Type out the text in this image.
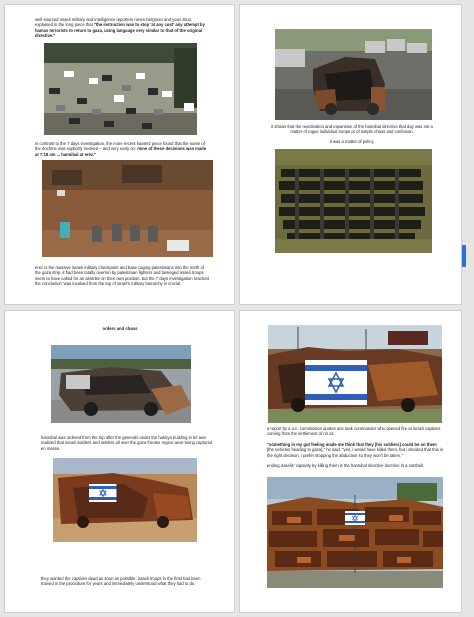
well-sourced israeli military and intelligence reporters ronen bergman and yoav zitun, explained in the long piece that "the instruction was to stop 'at any cost' any attempt by hamas terrorists to return to gaza, using language very similar to that of the original directive."
in contrast to the 7 days investigation, the more recent haaretz piece found that the name of the doctrine was explicitly invoked – and very early on: none of these decisions was made at 7:18 am ... hannibal at erez."
erez is the massive israeli military checkpoint and base caging palestinians into the north of the gaza strip. it had been totally overrun by palestinian fighters and besieged israeli troops seem to have called for an airstrike on their own position. but the 7 days investigation reached the conclusion 'was involved from the top of israel's military hierarchy is crucial.
it shows that the reactivation and expansion of the hannibal directive that day was not a matter of rogue individual troops or of simple chaos and confusion.
it was a matter of policy.
orders and chaos
hannibal was ordered from the top after the generals under the hakirya building in tel aviv realized that israeli soldiers and settlers all over the gaza frontier region were being captured en masse.
they wanted the captives dead as soon as possible. israeli troops in the field had been trained in the procedure for years and immediately understood what they had to do.
a report by a u.n. commission quotes one tank commander who opened fire at israeli captives coming from the settlement of nir oz.
"something in my gut feeling made me think that they [his soldiers] could be on them [the vehicles heading to gaza]," he said. "yes, i would have killed them, but i decided that this is the right decision, i prefer stopping the abduction so they won't be taken."
ending israelis' captivity by killing them is the hannibal directive doctrine in a nutshell.
